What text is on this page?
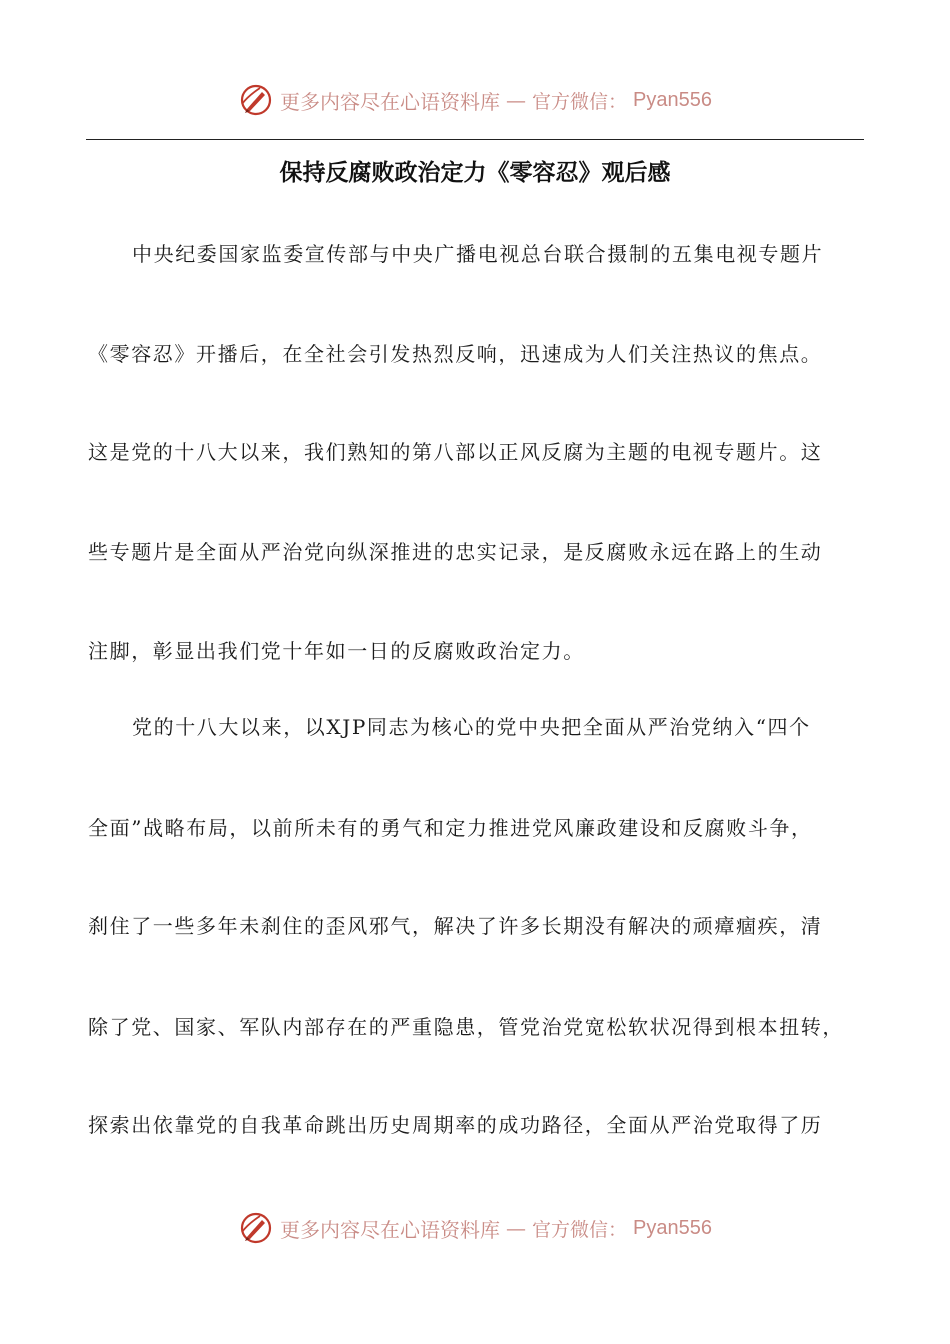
更多内容尽在心语资料库 — 官方微信： Pyan556
保持反腐败政治定力《零容忍》观后感
中央纪委国家监委宣传部与中央广播电视总台联合摄制的五集电视专题片
《零容忍》开播后，在全社会引发热烈反响，迅速成为人们关注热议的焦点。
这是党的十八大以来，我们熟知的第八部以正风反腐为主题的电视专题片。这
些专题片是全面从严治党向纵深推进的忠实记录，是反腐败永远在路上的生动
注脚，彰显出我们党十年如一日的反腐败政治定力。
党的十八大以来，以XJP同志为核心的党中央把全面从严治党纳入“四个
全面”战略布局，以前所未有的勇气和定力推进党风廉政建设和反腐败斗争，
刹住了一些多年未刹住的歪风邪气，解决了许多长期没有解决的顽瘴痼疾，清
除了党、国家、军队内部存在的严重隐患，管党治党宽松软状况得到根本扭转，
探索出依靠党的自我革命跳出历史周期率的成功路径，全面从严治党取得了历
更多内容尽在心语资料库 — 官方微信： Pyan556
